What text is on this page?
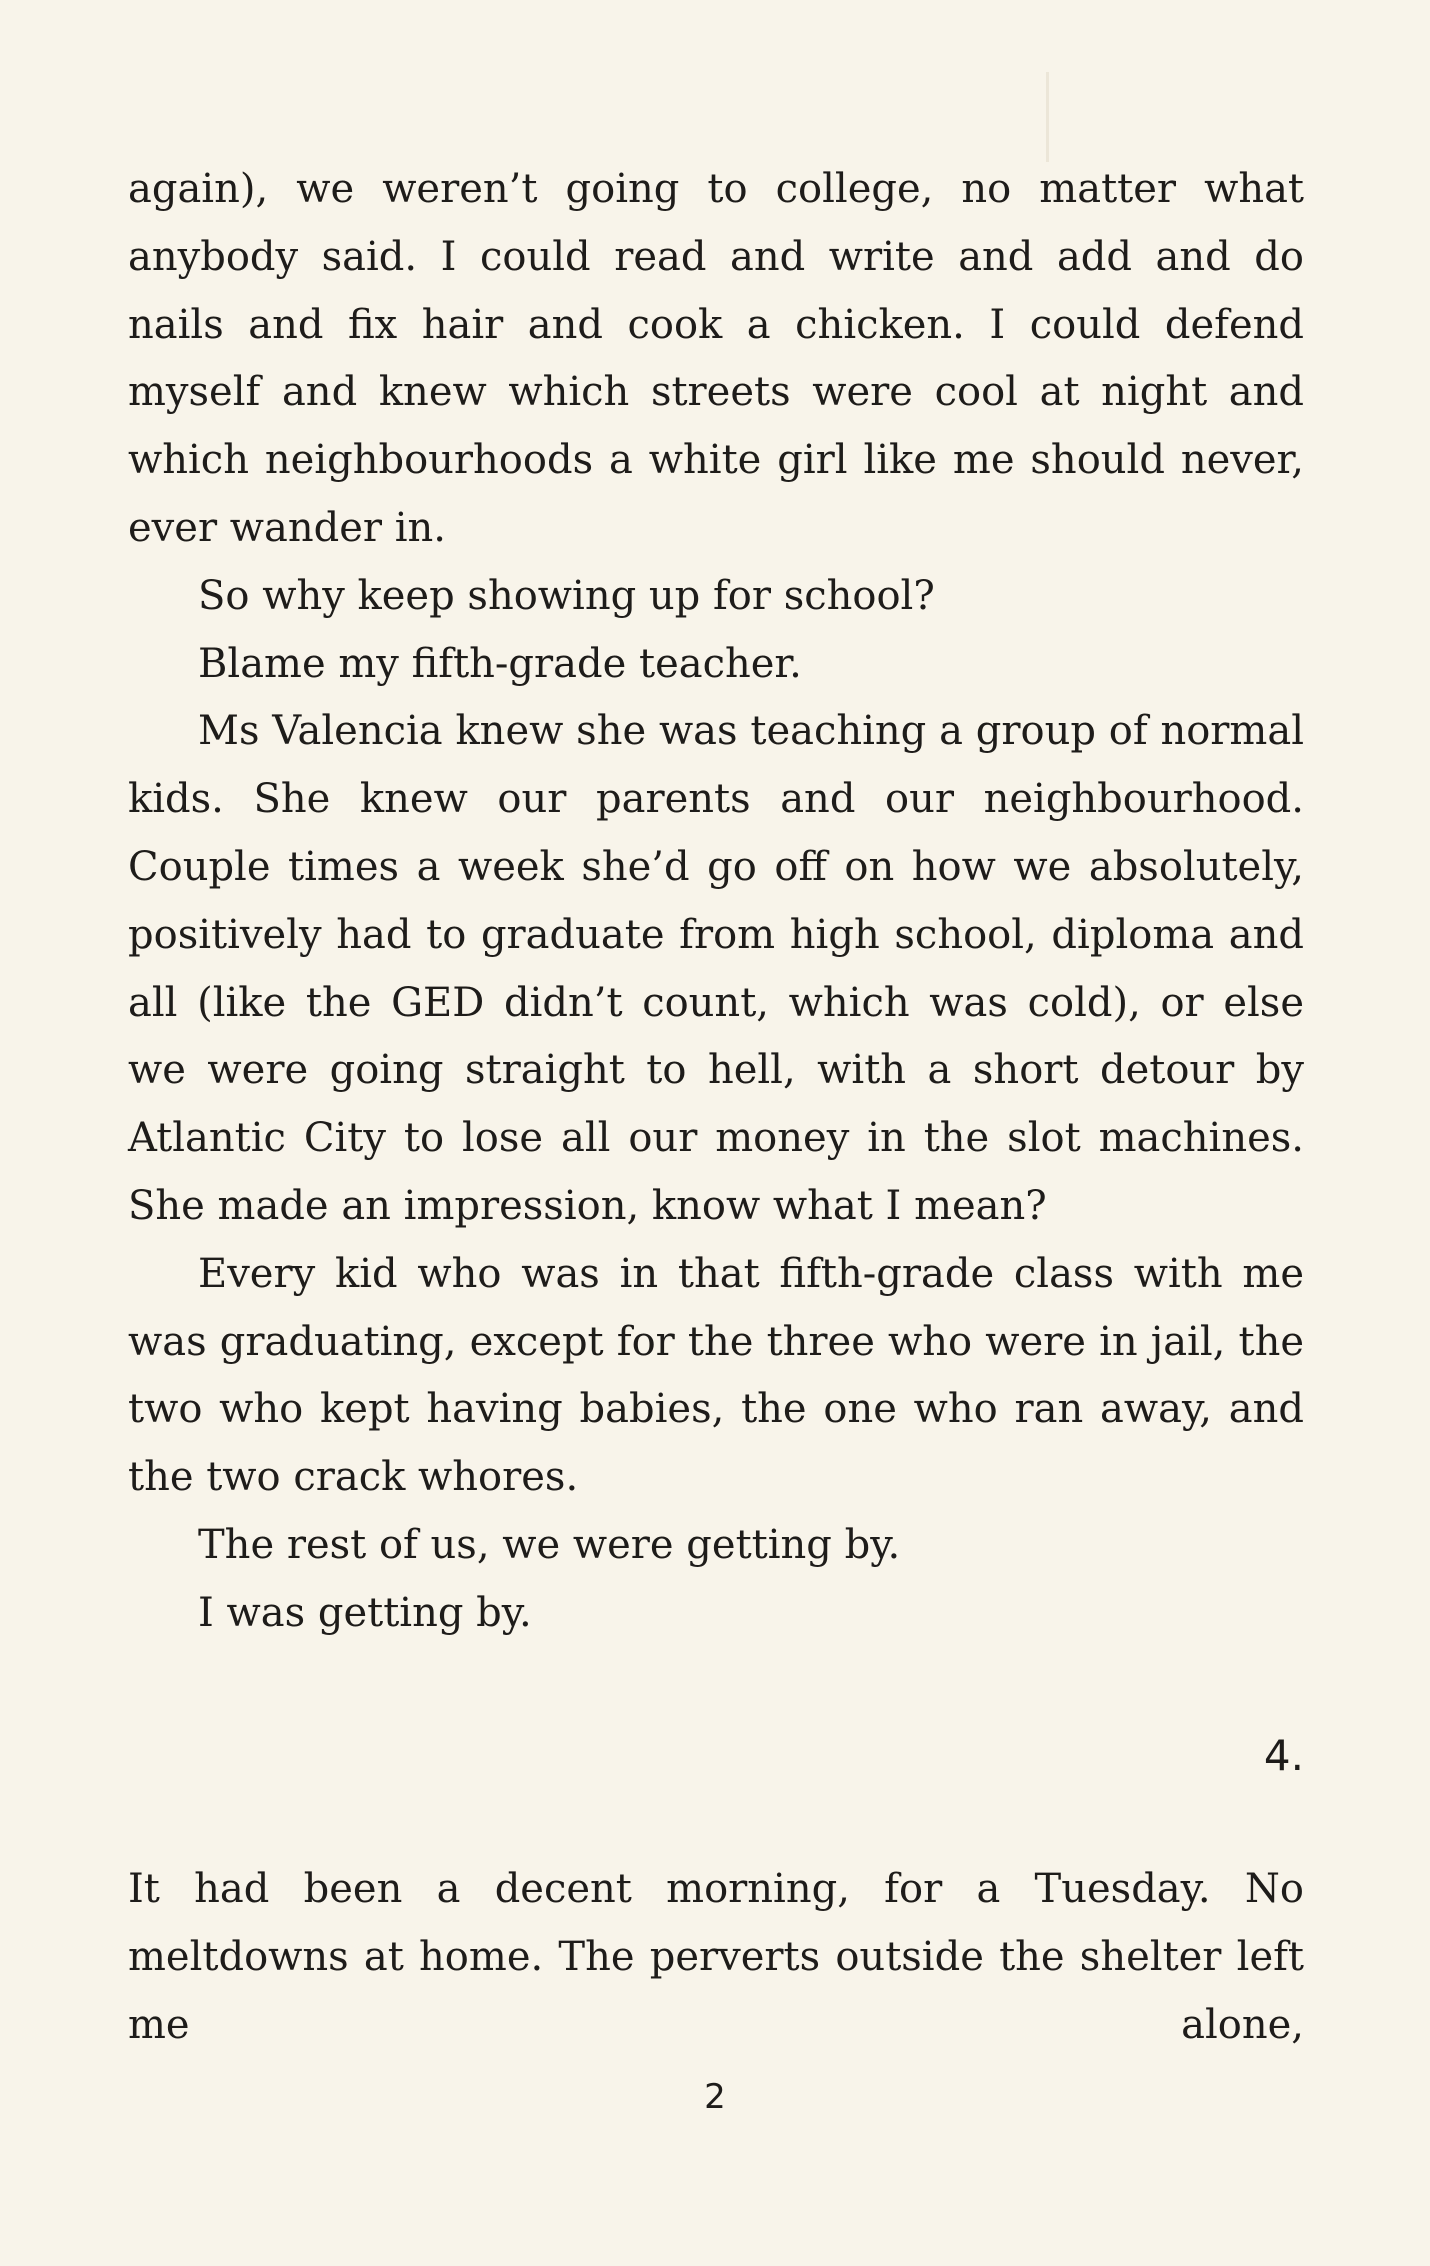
again), we weren’t going to college, no matter what anybody said. I could read and write and add and do nails and fix hair and cook a chicken. I could defend myself and knew which streets were cool at night and which neighbourhoods a white girl like me should never, ever wander in.

So why keep showing up for school?

Blame my fifth-grade teacher.

Ms Valencia knew she was teaching a group of normal kids. She knew our parents and our neighbourhood. Couple times a week she’d go off on how we absolutely, positively had to graduate from high school, diploma and all (like the GED didn’t count, which was cold), or else we were going straight to hell, with a short detour by Atlantic City to lose all our money in the slot machines. She made an impression, know what I mean?

Every kid who was in that fifth-grade class with me was graduating, except for the three who were in jail, the two who kept having babies, the one who ran away, and the two crack whores.

The rest of us, we were getting by.

I was getting by.

4.

It had been a decent morning, for a Tuesday. No meltdowns at home. The perverts outside the shelter left me alone,

2
